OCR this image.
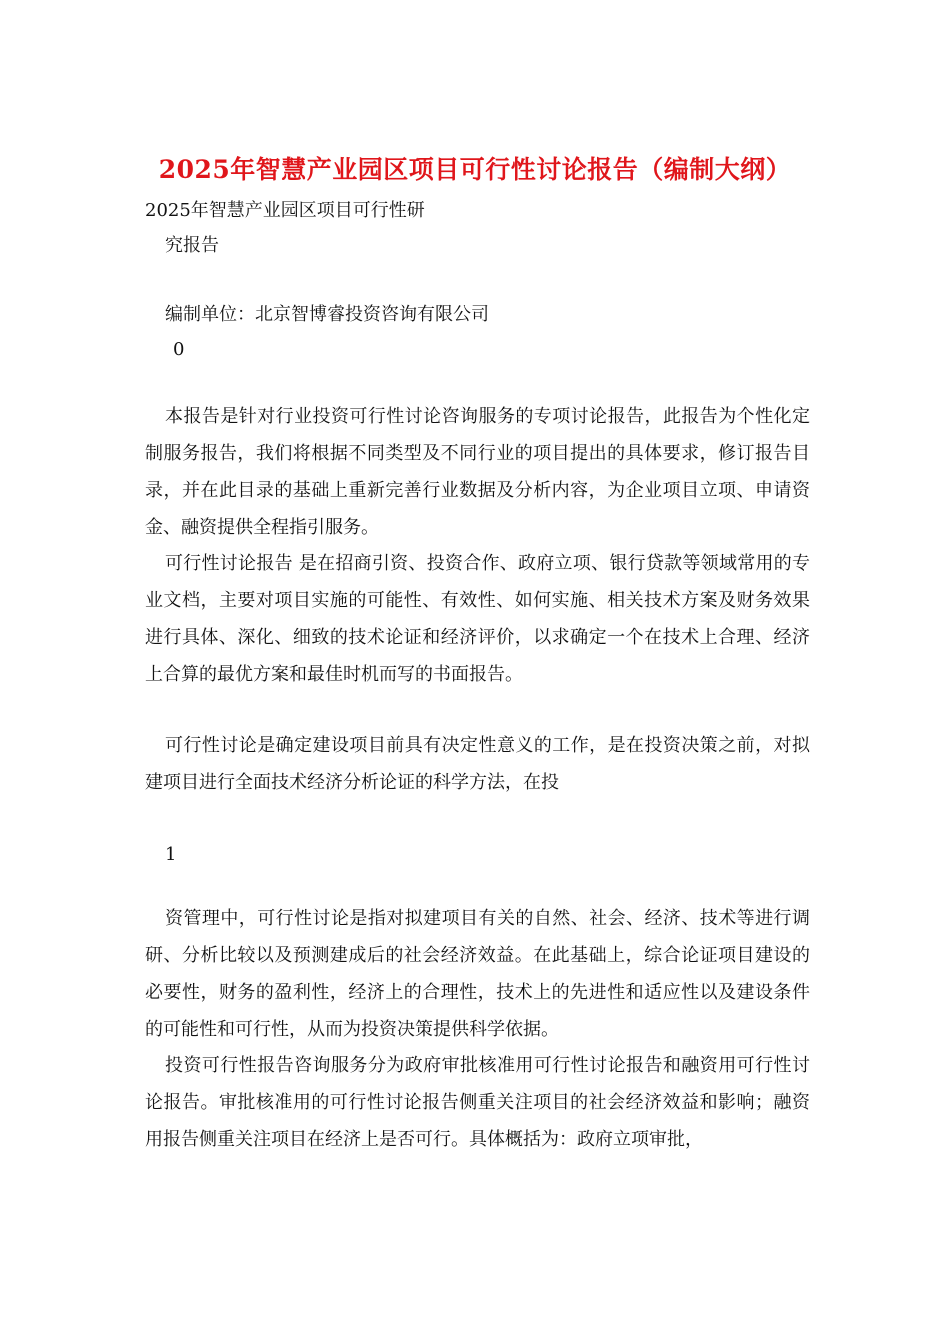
2025年智慧产业园区项目可行性讨论报告（编制大纲）
2025年智慧产业园区项目可行性研
究报告
编制单位：北京智博睿投资咨询有限公司
0
本报告是针对行业投资可行性讨论咨询服务的专项讨论报告，此报告为个性化定制服务报告，我们将根据不同类型及不同行业的项目提出的具体要求，修订报告目录，并在此目录的基础上重新完善行业数据及分析内容，为企业项目立项、申请资金、融资提供全程指引服务。
可行性讨论报告 是在招商引资、投资合作、政府立项、银行贷款等领域常用的专业文档，主要对项目实施的可能性、有效性、如何实施、相关技术方案及财务效果进行具体、深化、细致的技术论证和经济评价，以求确定一个在技术上合理、经济上合算的最优方案和最佳时机而写的书面报告。
可行性讨论是确定建设项目前具有决定性意义的工作，是在投资决策之前，对拟建项目进行全面技术经济分析论证的科学方法，在投
1
资管理中，可行性讨论是指对拟建项目有关的自然、社会、经济、技术等进行调研、分析比较以及预测建成后的社会经济效益。在此基础上，综合论证项目建设的必要性，财务的盈利性，经济上的合理性，技术上的先进性和适应性以及建设条件的可能性和可行性，从而为投资决策提供科学依据。
投资可行性报告咨询服务分为政府审批核准用可行性讨论报告和融资用可行性讨论报告。审批核准用的可行性讨论报告侧重关注项目的社会经济效益和影响；融资用报告侧重关注项目在经济上是否可行。具体概括为：政府立项审批，
